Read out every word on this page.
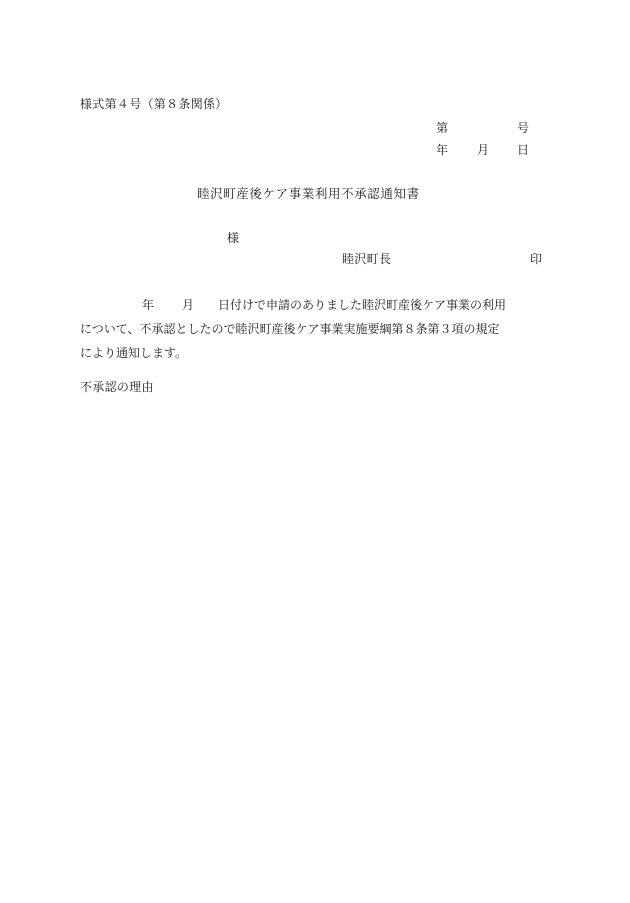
様式第４号（第８条関係）
第	号
年 月 日
睦沢町産後ケア事業利用不承認通知書
様
睦沢町長	印
年 月 日付けで申請のありました睦沢町産後ケア事業の利用
について、不承認としたので睦沢町産後ケア事業実施要綱第８条第３項の規定
により通知します。
不承認の理由
